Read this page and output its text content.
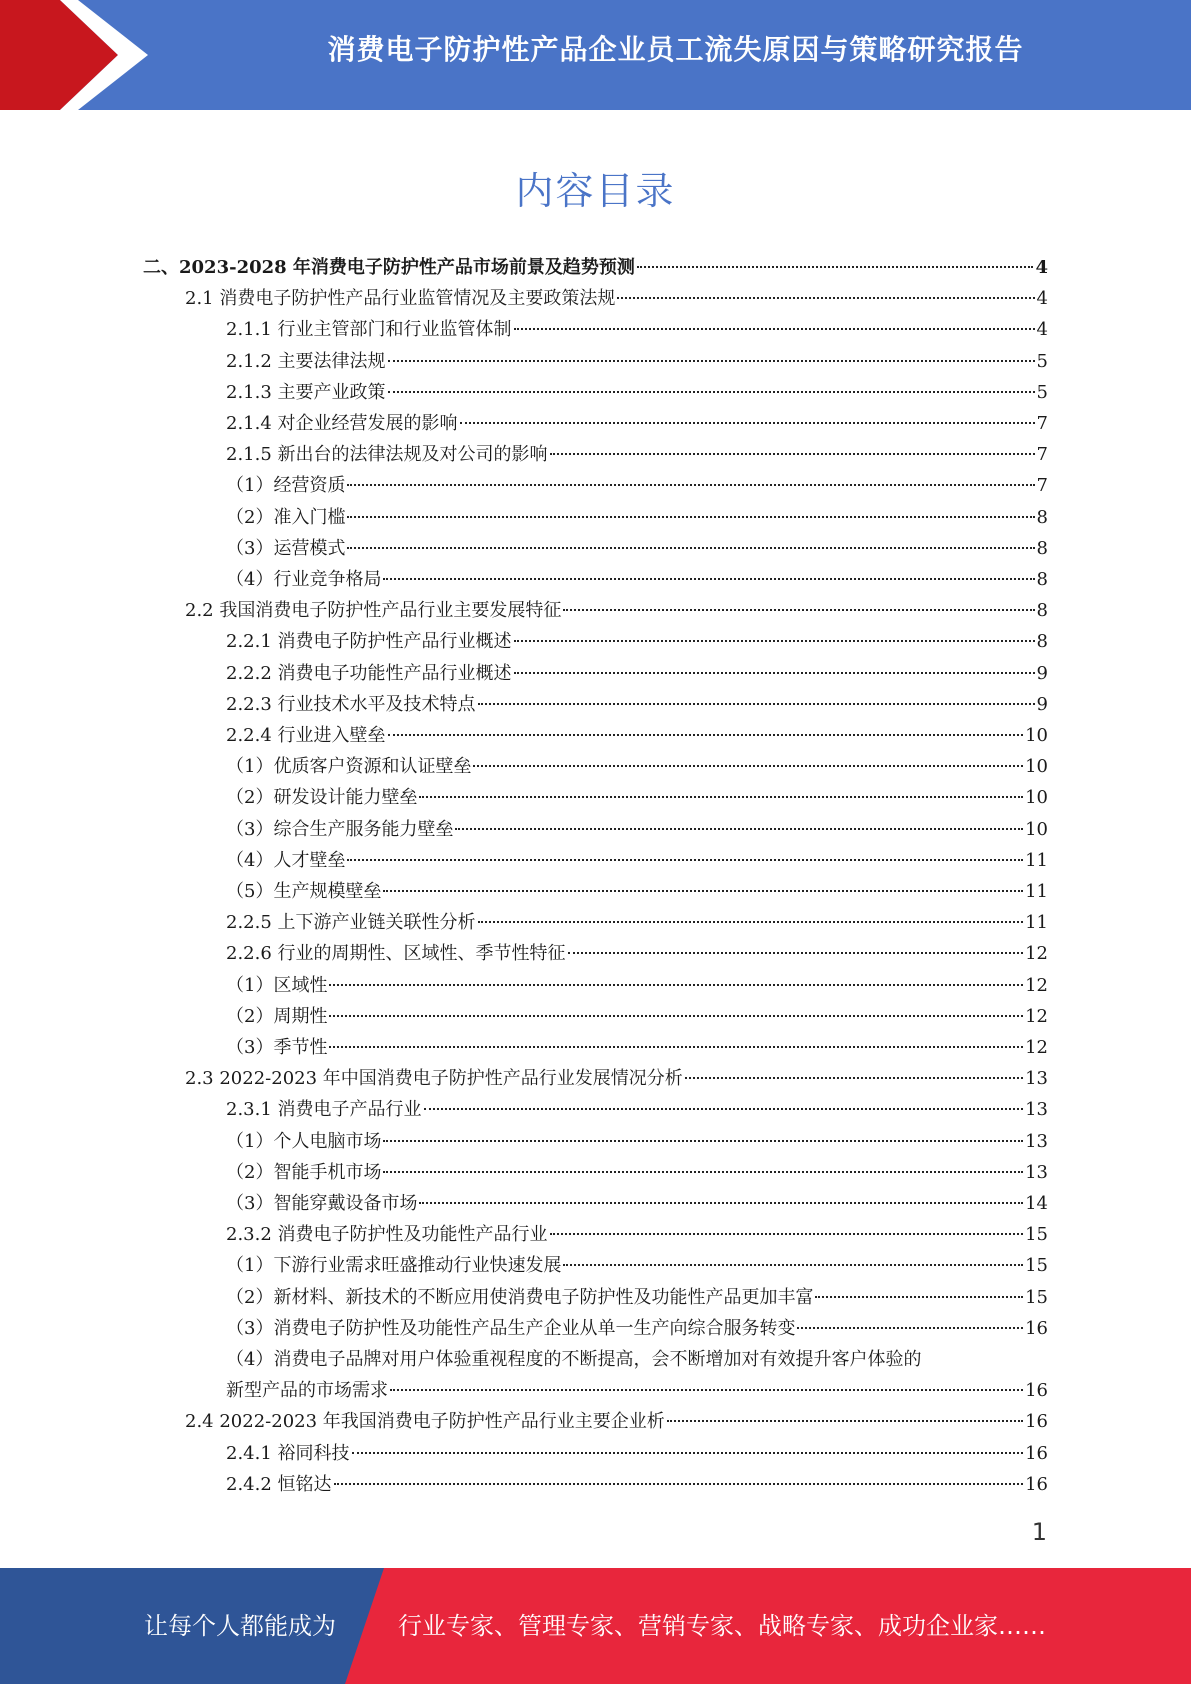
消费电子防护性产品企业员工流失原因与策略研究报告
内容目录
二、2023-2028 年消费电子防护性产品市场前景及趋势预测	4
2.1 消费电子防护性产品行业监管情况及主要政策法规	4
2.1.1 行业主管部门和行业监管体制	4
2.1.2 主要法律法规	5
2.1.3 主要产业政策	5
2.1.4 对企业经营发展的影响	7
2.1.5 新出台的法律法规及对公司的影响	7
（1）经营资质	7
（2）准入门槛	8
（3）运营模式	8
（4）行业竞争格局	8
2.2 我国消费电子防护性产品行业主要发展特征	8
2.2.1 消费电子防护性产品行业概述	8
2.2.2 消费电子功能性产品行业概述	9
2.2.3 行业技术水平及技术特点	9
2.2.4 行业进入壁垒	10
（1）优质客户资源和认证壁垒	10
（2）研发设计能力壁垒	10
（3）综合生产服务能力壁垒	10
（4）人才壁垒	11
（5）生产规模壁垒	11
2.2.5 上下游产业链关联性分析	11
2.2.6 行业的周期性、区域性、季节性特征	12
（1）区域性	12
（2）周期性	12
（3）季节性	12
2.3 2022-2023 年中国消费电子防护性产品行业发展情况分析	13
2.3.1 消费电子产品行业	13
（1）个人电脑市场	13
（2）智能手机市场	13
（3）智能穿戴设备市场	14
2.3.2 消费电子防护性及功能性产品行业	15
（1）下游行业需求旺盛推动行业快速发展	15
（2）新材料、新技术的不断应用使消费电子防护性及功能性产品更加丰富	15
（3）消费电子防护性及功能性产品生产企业从单一生产向综合服务转变	16
（4）消费电子品牌对用户体验重视程度的不断提高，会不断增加对有效提升客户体验的
新型产品的市场需求	16
2.4 2022-2023 年我国消费电子防护性产品行业主要企业析	16
2.4.1 裕同科技	16
2.4.2 恒铭达	16
1
让每个人都能成为	行业专家、管理专家、营销专家、战略专家、成功企业家……
